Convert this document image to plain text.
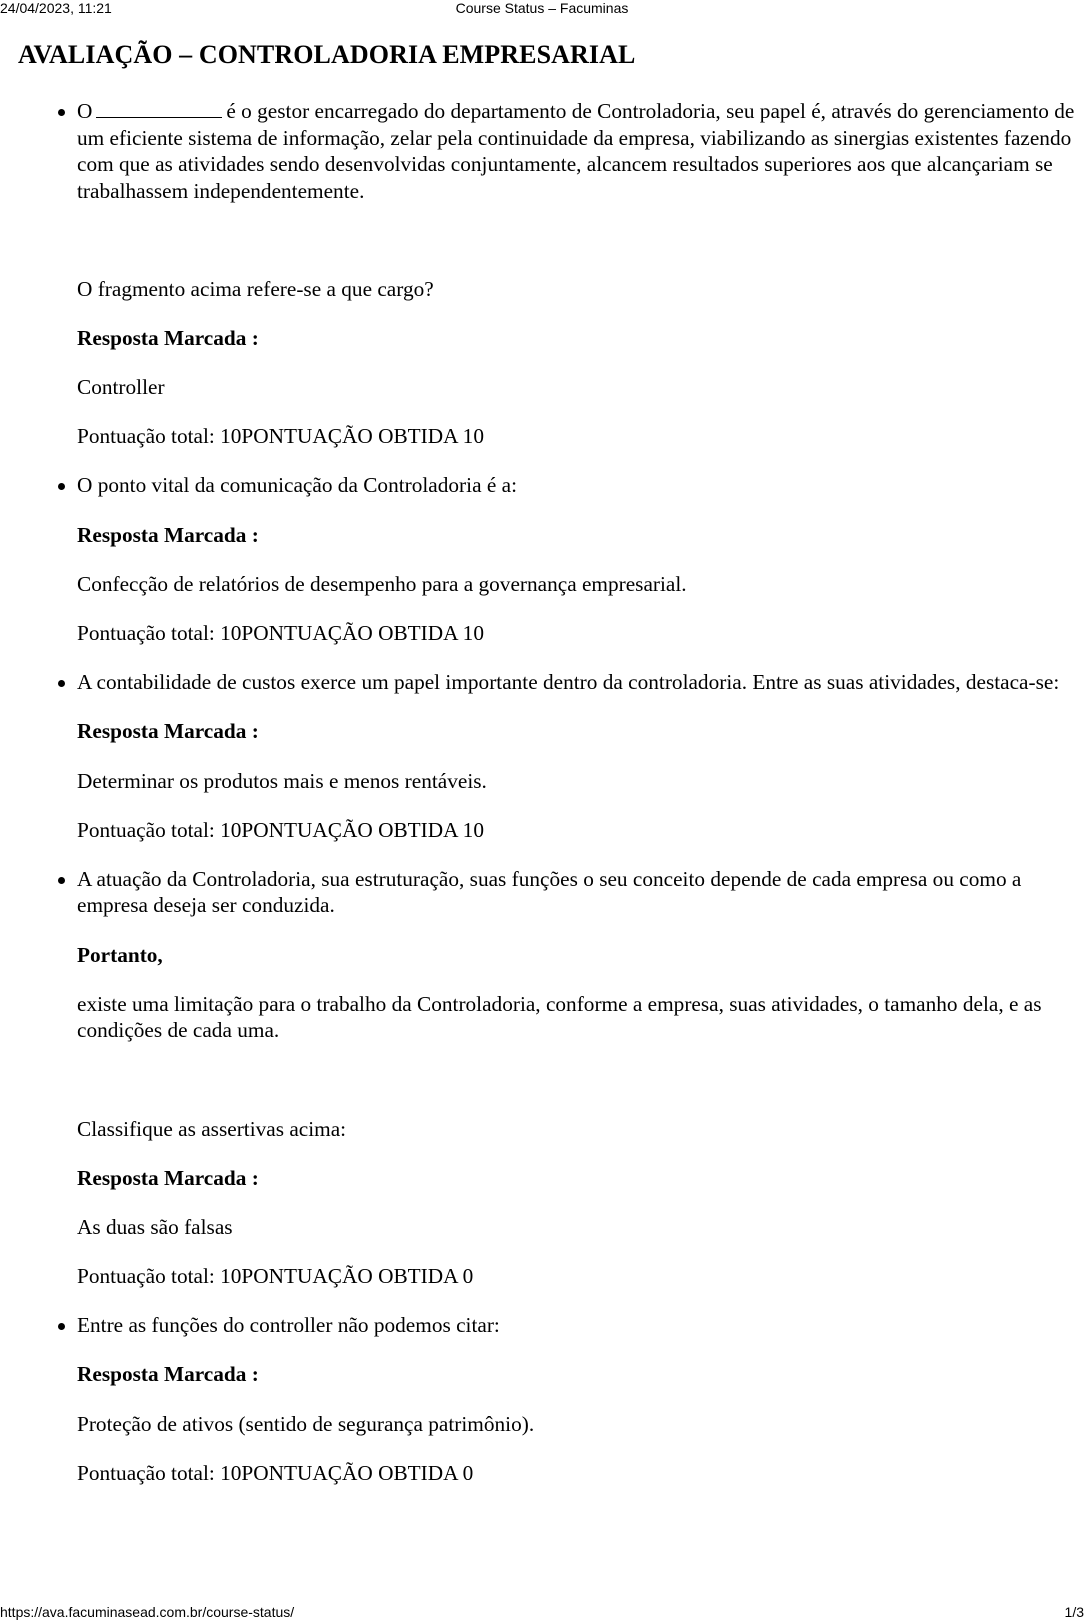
24/04/2023, 11:21	Course Status – Facuminas
AVALIAÇÃO – CONTROLADORIA EMPRESARIAL

O	é o gestor encarregado do departamento de Controladoria, seu papel é, através do gerenciamento de um eficiente sistema de informação, zelar pela continuidade da empresa, viabilizando as sinergias existentes fazendo com que as atividades sendo desenvolvidas conjuntamente, alcancem resultados superiores aos que alcançariam se trabalhassem independentemente.

O fragmento acima refere-se a que cargo?

Resposta Marcada :

Controller

Pontuação total: 10PONTUAÇÃO OBTIDA 10

O ponto vital da comunicação da Controladoria é a:

Resposta Marcada :

Confecção de relatórios de desempenho para a governança empresarial.

Pontuação total: 10PONTUAÇÃO OBTIDA 10

A contabilidade de custos exerce um papel importante dentro da controladoria. Entre as suas atividades, destaca-se:

Resposta Marcada :

Determinar os produtos mais e menos rentáveis.

Pontuação total: 10PONTUAÇÃO OBTIDA 10

A atuação da Controladoria, sua estruturação, suas funções o seu conceito depende de cada empresa ou como a empresa deseja ser conduzida.

Portanto,

existe uma limitação para o trabalho da Controladoria, conforme a empresa, suas atividades, o tamanho dela, e as condições de cada uma.

Classifique as assertivas acima:

Resposta Marcada :

As duas são falsas

Pontuação total: 10PONTUAÇÃO OBTIDA 0

Entre as funções do controller não podemos citar:

Resposta Marcada :

Proteção de ativos (sentido de segurança patrimônio).

Pontuação total: 10PONTUAÇÃO OBTIDA 0

https://ava.facuminasead.com.br/course-status/	1/3
